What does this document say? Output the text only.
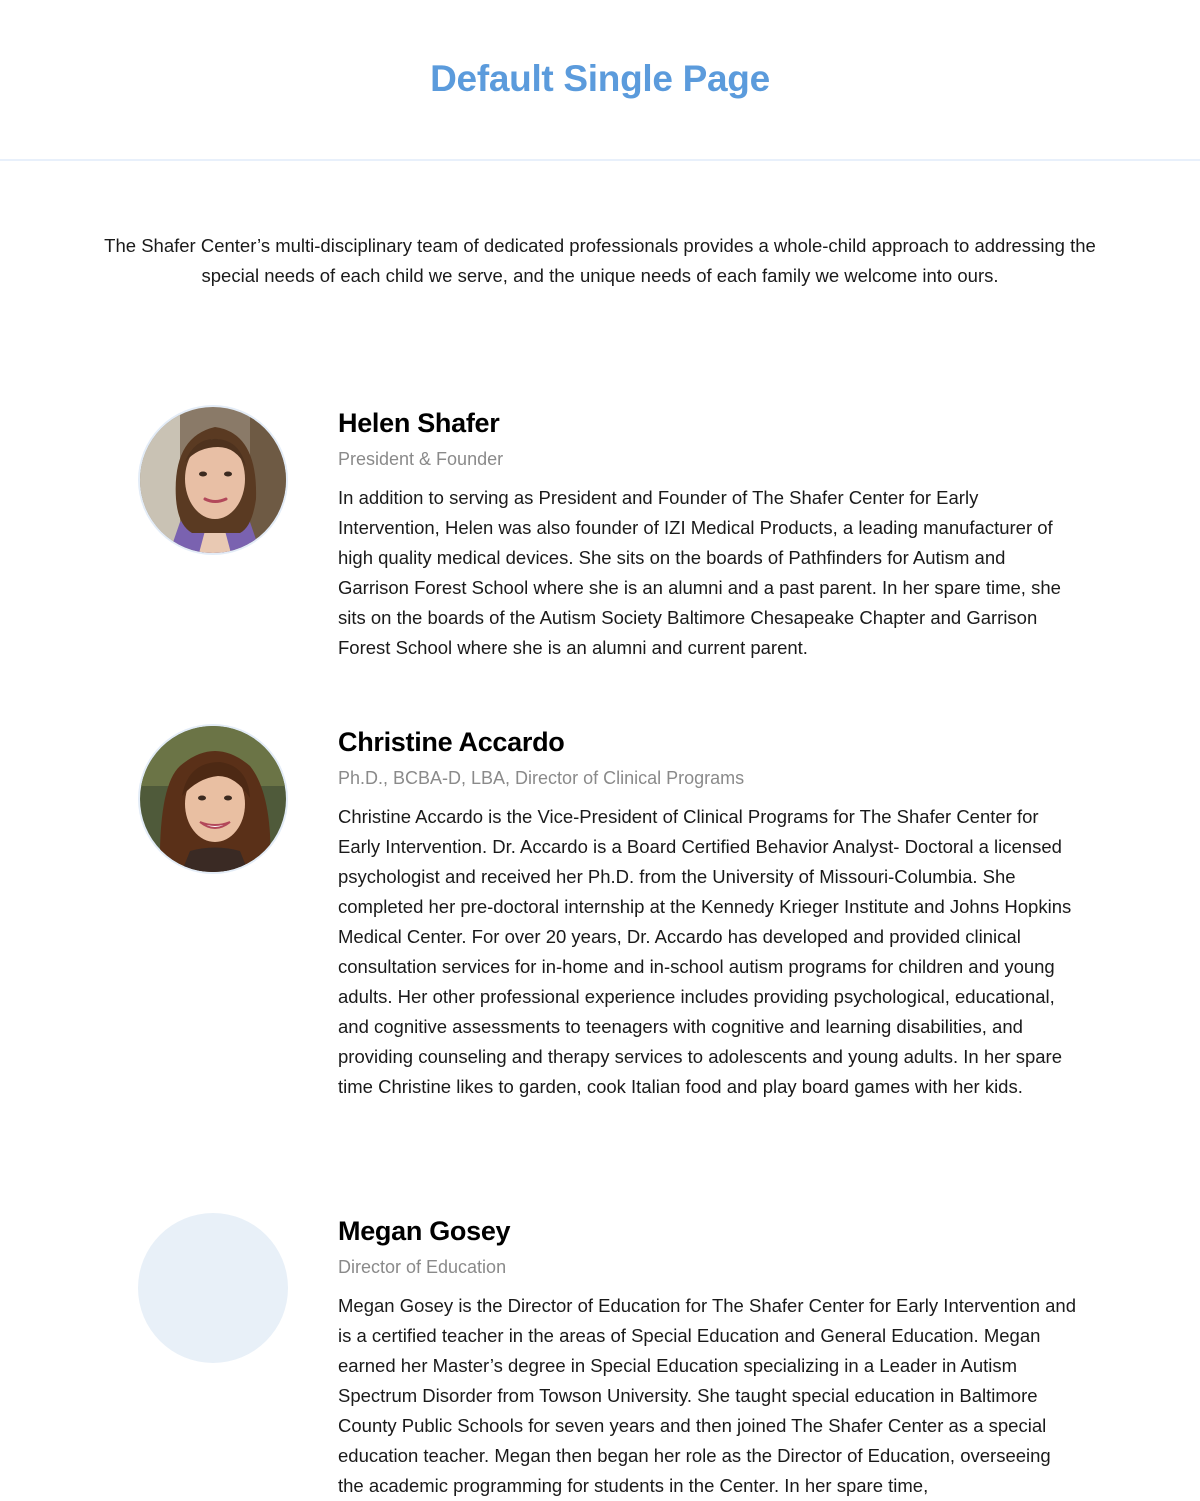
Default Single Page

The Shafer Center’s multi-disciplinary team of dedicated professionals provides a whole-child approach to addressing the special needs of each child we serve, and the unique needs of each family we welcome into ours.

Helen Shafer
President & Founder

In addition to serving as President and Founder of The Shafer Center for Early Intervention, Helen was also founder of IZI Medical Products, a leading manufacturer of high quality medical devices. She sits on the boards of Pathfinders for Autism and Garrison Forest School where she is an alumni and a past parent. In her spare time, she sits on the boards of the Autism Society Baltimore Chesapeake Chapter and Garrison Forest School where she is an alumni and current parent.

Christine Accardo
Ph.D., BCBA-D, LBA, Director of Clinical Programs

Christine Accardo is the Vice-President of Clinical Programs for The Shafer Center for Early Intervention. Dr. Accardo is a Board Certified Behavior Analyst- Doctoral a licensed psychologist and received her Ph.D. from the University of Missouri-Columbia. She completed her pre-doctoral internship at the Kennedy Krieger Institute and Johns Hopkins Medical Center. For over 20 years, Dr. Accardo has developed and provided clinical consultation services for in-home and in-school autism programs for children and young adults. Her other professional experience includes providing psychological, educational, and cognitive assessments to teenagers with cognitive and learning disabilities, and providing counseling and therapy services to adolescents and young adults. In her spare time Christine likes to garden, cook Italian food and play board games with her kids.

Megan Gosey
Director of Education

Megan Gosey is the Director of Education for The Shafer Center for Early Intervention and is a certified teacher in the areas of Special Education and General Education. Megan earned her Master’s degree in Special Education specializing in a Leader in Autism Spectrum Disorder from Towson University. She taught special education in Baltimore County Public Schools for seven years and then joined The Shafer Center as a special education teacher. Megan then began her role as the Director of Education, overseeing the academic programming for students in the Center. In her spare time,
